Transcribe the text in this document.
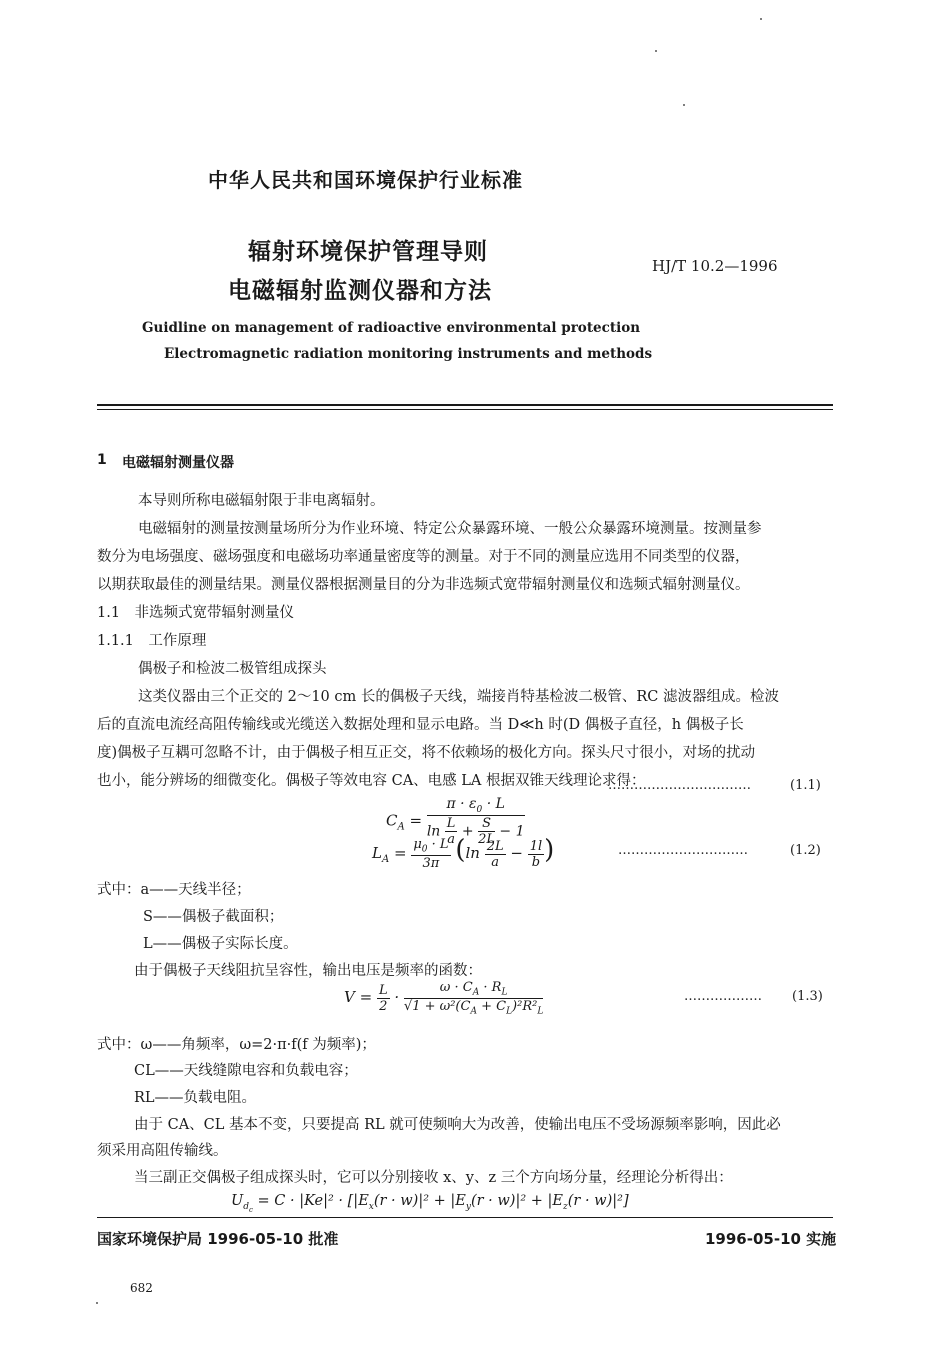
中华人民共和国环境保护行业标准
辐射环境保护管理导则
电磁辐射监测仪器和方法
HJ/T 10.2—1996
Guidline on management of radioactive environmental protection
Electromagnetic radiation monitoring instruments and methods
1 电磁辐射测量仪器
本导则所称电磁辐射限于非电离辐射。
电磁辐射的测量按测量场所分为作业环境、特定公众暴露环境、一般公众暴露环境测量。按测量参
数分为电场强度、磁场强度和电磁场功率通量密度等的测量。对于不同的测量应选用不同类型的仪器，
以期获取最佳的测量结果。测量仪器根据测量目的分为非选频式宽带辐射测量仪和选频式辐射测量仪。
1.1　非选频式宽带辐射测量仪
1.1.1　工作原理
偶极子和检波二极管组成探头
这类仪器由三个正交的 2～10 cm 长的偶极子天线，端接肖特基检波二极管、RC 滤波器组成。检波
后的直流电流经高阻传输线或光缆送入数据处理和显示电路。当 D≪h 时(D 偶极子直径，h 偶极子长
度)偶极子互耦可忽略不计，由于偶极子相互正交，将不依赖场的极化方向。探头尺寸很小，对场的扰动
也小，能分辨场的细微变化。偶极子等效电容 CA、电感 LA 根据双锥天线理论求得：
$C_A = \frac{\pi \cdot \varepsilon_0 \cdot L}{\ln \frac{L}{a} + \frac{S}{2L} - 1}$
……………………………	(1.1)
$L_A = \frac{\mu_0 \cdot L}{3\pi} (\ln \frac{2L}{a} - \frac{1l}{b}$ )	…………………………	(1.2)
式中：a——天线半径；
S——偶极子截面积；
L——偶极子实际长度。
由于偶极子天线阻抗呈容性，输出电压是频率的函数：
$V = \frac{L}{2} \cdot \frac{\omega \cdot C_A \cdot R_L}{√1 + \omega^2(C_A + C_L)^2R^2_L}$	……………… (1.3)
式中：ω——角频率，ω=2·π·f(f 为频率)；
CL——天线缝隙电容和负载电容；
RL——负载电阻。
由于 CA、CL 基本不变，只要提高 RL 就可使频响大为改善，使输出电压不受场源频率影响，因此必
须采用高阻传输线。
当三副正交偶极子组成探头时，它可以分别接收 x、y、z 三个方向场分量，经理论分析得出：
$U_{d_c} = C \cdot |Ke|^2 \cdot [|E_x(r \cdot w)|^2 + |E_y(r \cdot w)|^2 + |E_z(r \cdot w)|^2]$
国家环境保护局 1996-05-10 批准	1996-05-10 实施
682
